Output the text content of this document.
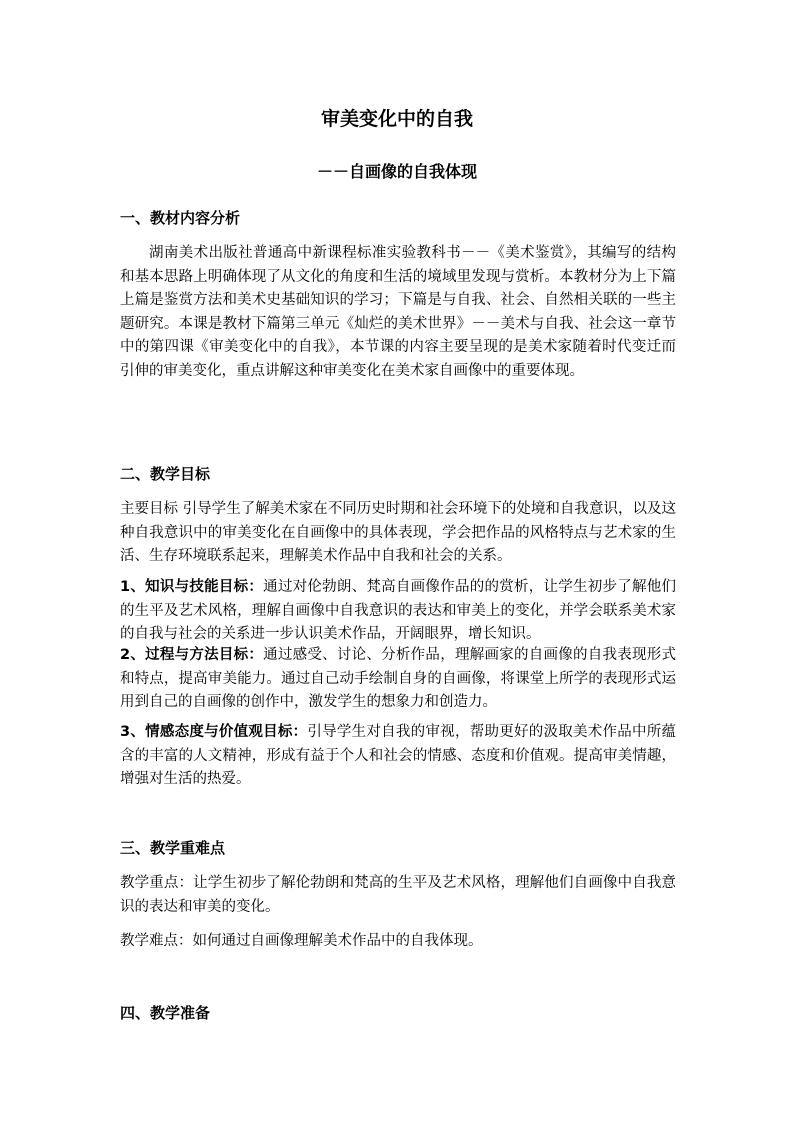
审美变化中的自我
－－自画像的自我体现
一、教材内容分析

湖南美术出版社普通高中新课程标准实验教科书－－《美术鉴赏》，其编写的结构和基本思路上明确体现了从文化的角度和生活的境域里发现与赏析。本教材分为上下篇 上篇是鉴赏方法和美术史基础知识的学习；下篇是与自我、社会、自然相关联的一些主题研究。本课是教材下篇第三单元《灿烂的美术世界》－－美术与自我、社会这一章节中的第四课《审美变化中的自我》，本节课的内容主要呈现的是美术家随着时代变迁而引伸的审美变化，重点讲解这种审美变化在美术家自画像中的重要体现。

二、教学目标

主要目标 引导学生了解美术家在不同历史时期和社会环境下的处境和自我意识，以及这种自我意识中的审美变化在自画像中的具体表现，学会把作品的风格特点与艺术家的生活、生存环境联系起来，理解美术作品中自我和社会的关系。

1、知识与技能目标：通过对伦勃朗、梵高自画像作品的的赏析，让学生初步了解他们的生平及艺术风格，理解自画像中自我意识的表达和审美上的变化，并学会联系美术家的自我与社会的关系进一步认识美术作品，开阔眼界，增长知识。

2、过程与方法目标：通过感受、讨论、分析作品，理解画家的自画像的自我表现形式和特点，提高审美能力。通过自己动手绘制自身的自画像，将课堂上所学的表现形式运用到自己的自画像的创作中，激发学生的想象力和创造力。

3、情感态度与价值观目标：引导学生对自我的审视，帮助更好的汲取美术作品中所蕴含的丰富的人文精神，形成有益于个人和社会的情感、态度和价值观。提高审美情趣，增强对生活的热爱。

三、教学重难点

教学重点：让学生初步了解伦勃朗和梵高的生平及艺术风格，理解他们自画像中自我意识的表达和审美的变化。

教学难点：如何通过自画像理解美术作品中的自我体现。

四、教学准备
